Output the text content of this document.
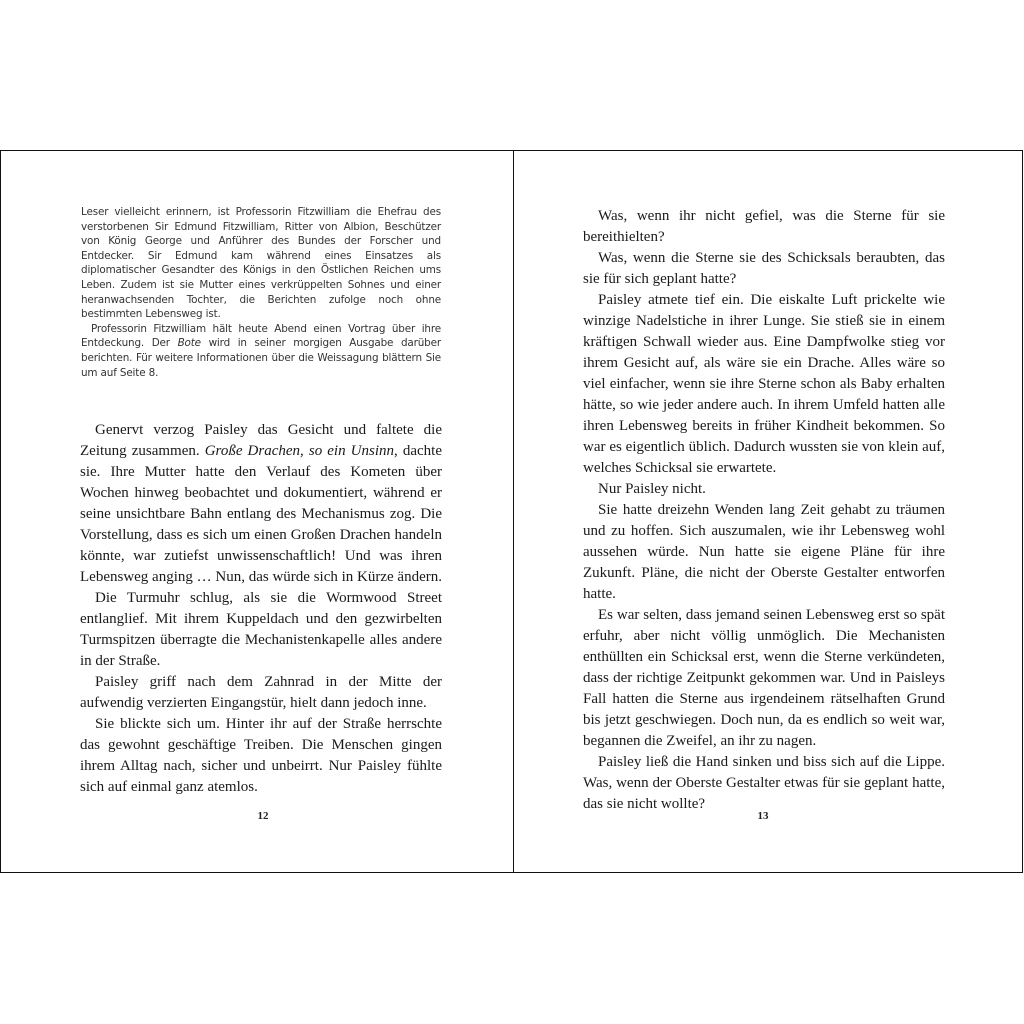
Leser vielleicht erinnern, ist Professorin Fitzwilliam die Ehefrau des verstorbenen Sir Edmund Fitzwilliam, Ritter von Albion, Beschützer von König George und Anführer des Bundes der Forscher und Entdecker. Sir Edmund kam während eines Einsatzes als diplomatischer Gesandter des Königs in den Östlichen Reichen ums Leben. Zudem ist sie Mutter eines verkrüppelten Sohnes und einer heranwachsenden Tochter, die Berichten zufolge noch ohne bestimmten Lebensweg ist.

Professorin Fitzwilliam hält heute Abend einen Vortrag über ihre Entdeckung. Der Bote wird in seiner morgigen Ausgabe darüber berichten. Für weitere Informationen über die Weissagung blättern Sie um auf Seite 8.

Genervt verzog Paisley das Gesicht und faltete die Zeitung zusammen. Große Drachen, so ein Unsinn, dachte sie. Ihre Mutter hatte den Verlauf des Kometen über Wochen hinweg beobachtet und dokumentiert, während er seine unsichtbare Bahn entlang des Mechanismus zog. Die Vorstellung, dass es sich um einen Großen Drachen handeln könnte, war zutiefst unwissenschaftlich! Und was ihren Lebensweg anging … Nun, das würde sich in Kürze ändern.

Die Turmuhr schlug, als sie die Wormwood Street entlanglief. Mit ihrem Kuppeldach und den gezwirbelten Turmspitzen überragte die Mechanistenkapelle alles andere in der Straße.

Paisley griff nach dem Zahnrad in der Mitte der aufwendig verzierten Eingangstür, hielt dann jedoch inne.

Sie blickte sich um. Hinter ihr auf der Straße herrschte das gewohnt geschäftige Treiben. Die Menschen gingen ihrem Alltag nach, sicher und unbeirrt. Nur Paisley fühlte sich auf einmal ganz atemlos.

12

Was, wenn ihr nicht gefiel, was die Sterne für sie bereithielten?

Was, wenn die Sterne sie des Schicksals beraubten, das sie für sich geplant hatte?

Paisley atmete tief ein. Die eiskalte Luft prickelte wie winzige Nadelstiche in ihrer Lunge. Sie stieß sie in einem kräftigen Schwall wieder aus. Eine Dampfwolke stieg vor ihrem Gesicht auf, als wäre sie ein Drache. Alles wäre so viel einfacher, wenn sie ihre Sterne schon als Baby erhalten hätte, so wie jeder andere auch. In ihrem Umfeld hatten alle ihren Lebensweg bereits in früher Kindheit bekommen. So war es eigentlich üblich. Dadurch wussten sie von klein auf, welches Schicksal sie erwartete.

Nur Paisley nicht.

Sie hatte dreizehn Wenden lang Zeit gehabt zu träumen und zu hoffen. Sich auszumalen, wie ihr Lebensweg wohl aussehen würde. Nun hatte sie eigene Pläne für ihre Zukunft. Pläne, die nicht der Oberste Gestalter entworfen hatte.

Es war selten, dass jemand seinen Lebensweg erst so spät erfuhr, aber nicht völlig unmöglich. Die Mechanisten enthüllten ein Schicksal erst, wenn die Sterne verkündeten, dass der richtige Zeitpunkt gekommen war. Und in Paisleys Fall hatten die Sterne aus irgendeinem rätselhaften Grund bis jetzt geschwiegen. Doch nun, da es endlich so weit war, begannen die Zweifel, an ihr zu nagen.

Paisley ließ die Hand sinken und biss sich auf die Lippe. Was, wenn der Oberste Gestalter etwas für sie geplant hatte, das sie nicht wollte?

13
